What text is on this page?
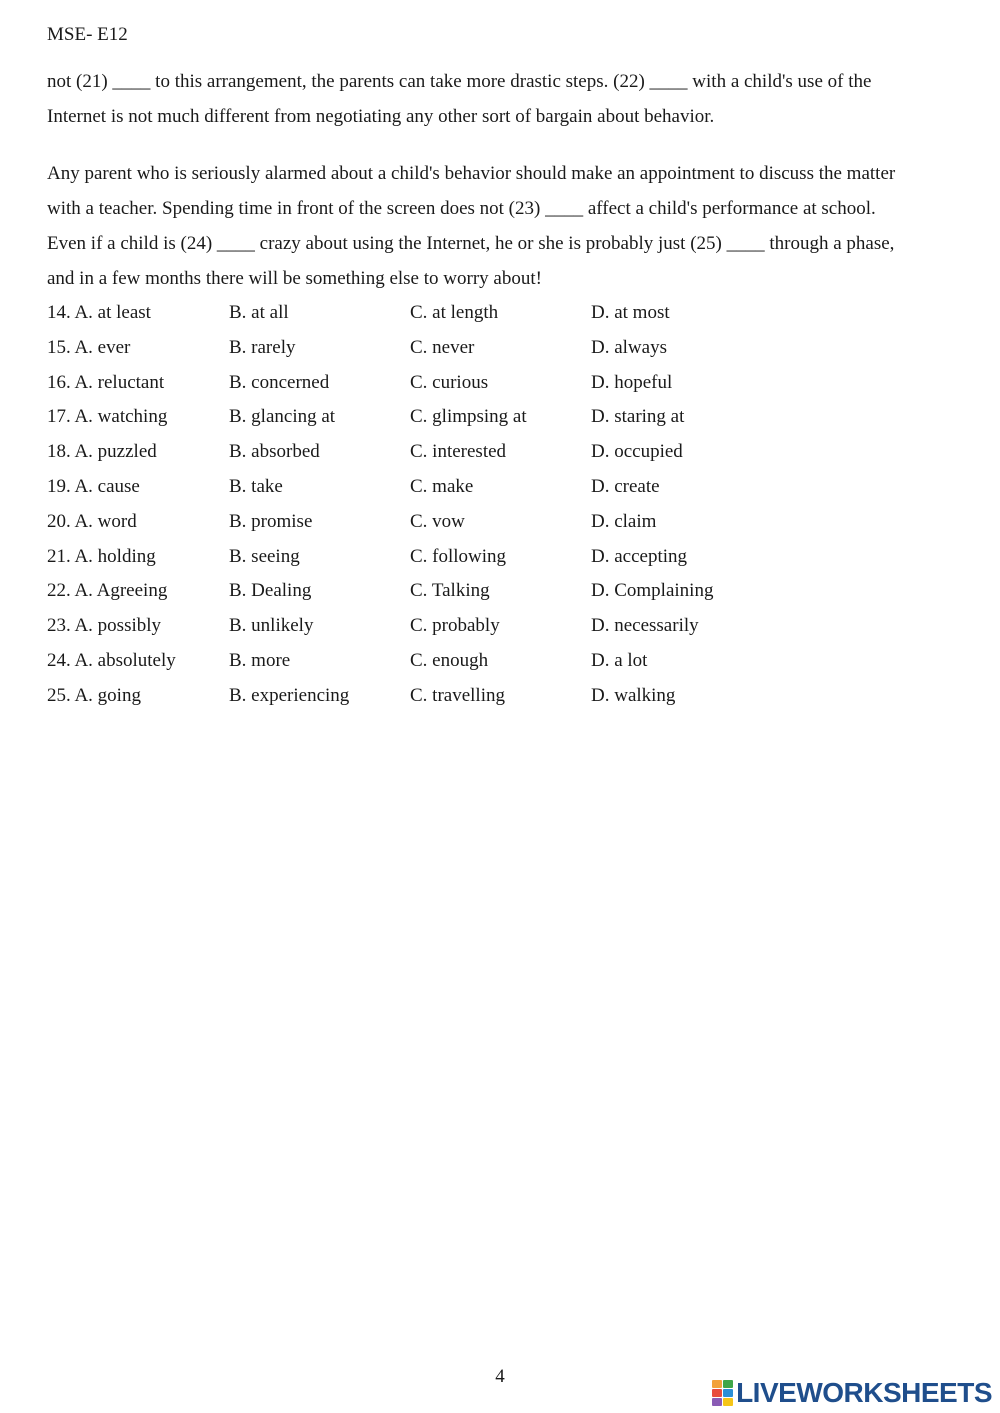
MSE- E12

not (21) ____ to this arrangement, the parents can take more drastic steps. (22) ____ with a child's use of the
Internet is not much different from negotiating any other sort of bargain about behavior.

Any parent who is seriously alarmed about a child's behavior should make an appointment to discuss the matter
with a teacher. Spending time in front of the screen does not (23) ____ affect a child's performance at school.
Even if a child is (24) ____ crazy about using the Internet, he or she is probably just (25) ____ through a phase,
and in a few months there will be something else to worry about!

14. A. at least	B. at all	C. at length	D. at most
15. A. ever	B. rarely	C. never	D. always
16. A. reluctant	B. concerned	C. curious	D. hopeful
17. A. watching	B. glancing at	C. glimpsing at	D. staring at
18. A. puzzled	B. absorbed	C. interested	D. occupied
19. A. cause	B. take	C. make	D. create
20. A. word	B. promise	C. vow	D. claim
21. A. holding	B. seeing	C. following	D. accepting
22. A. Agreeing	B. Dealing	C. Talking	D. Complaining
23. A. possibly	B. unlikely	C. probably	D. necessarily
24. A. absolutely	B. more	C. enough	D. a lot
25. A. going	B. experiencing	C. travelling	D. walking
4
LIVEWORKSHEETS
